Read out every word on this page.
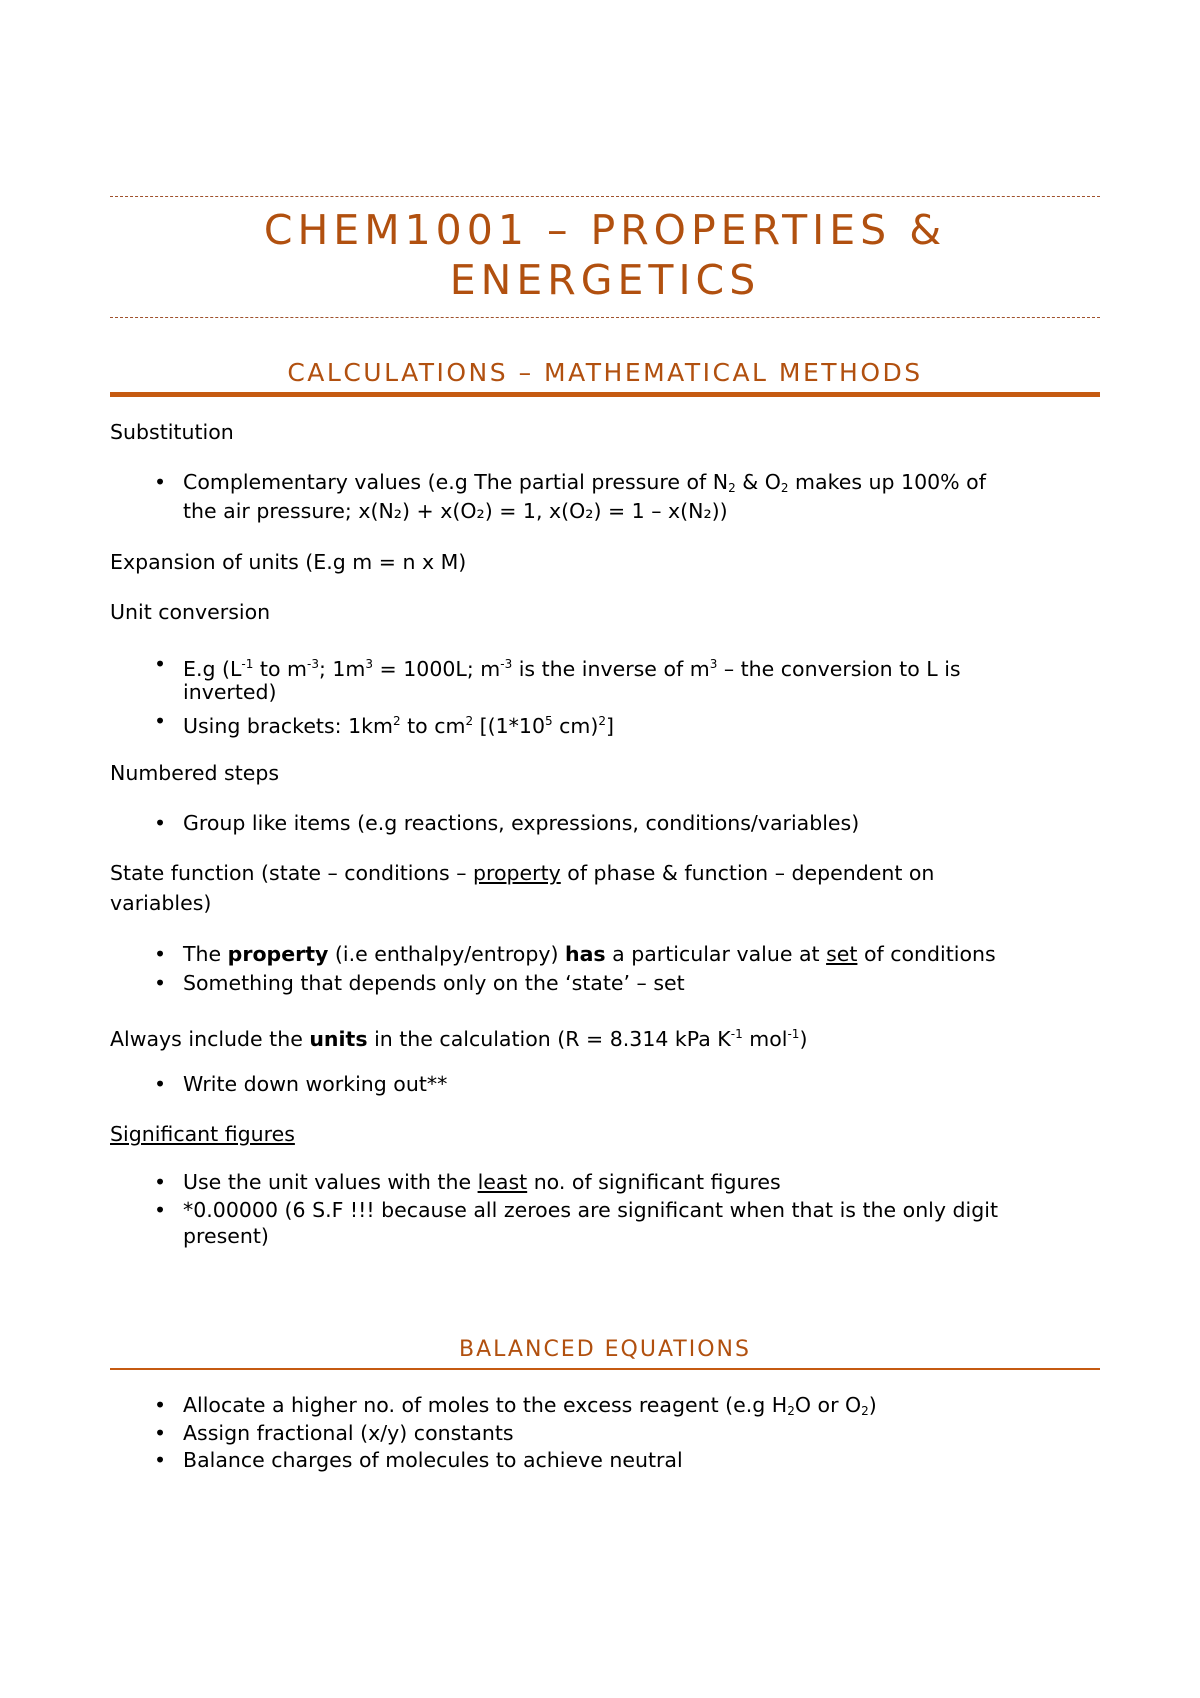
CHEM1001 – PROPERTIES &
ENERGETICS
CALCULATIONS – MATHEMATICAL METHODS
Substitution
• Complementary values (e.g The partial pressure of $N_2$ & $O_2$ makes up 100% of
the air pressure; x(N₂) + x(O₂) = 1, x(O₂) = 1 – x(N₂))
Expansion of units (E.g m = n x M)
Unit conversion
• E.g ($L^{-1}$ to $m^{-3}$; $1m^3 = 1000L$; $m^{-3}$ is the inverse of $m^3$ – the conversion to L is
inverted)
• Using brackets: $1km^2$ to $cm^2$ [($1*10^5$ cm)$^2$]
Numbered steps
• Group like items (e.g reactions, expressions, conditions/variables)
State function (state – conditions – property of phase & function – dependent on
variables)
• The property (i.e enthalpy/entropy) has a particular value at set of conditions
• Something that depends only on the ‘state’ – set
Always include the units in the calculation (R = 8.314 kPa $K^{-1}$ mol$^{-1}$)
• Write down working out**
Significant figures
• Use the unit values with the least no. of significant figures
• *0.00000 (6 S.F !!! because all zeroes are significant when that is the only digit
present)
BALANCED EQUATIONS
• Allocate a higher no. of moles to the excess reagent (e.g $H_2O$ or $O_2$)
• Assign fractional (x/y) constants
• Balance charges of molecules to achieve neutral
